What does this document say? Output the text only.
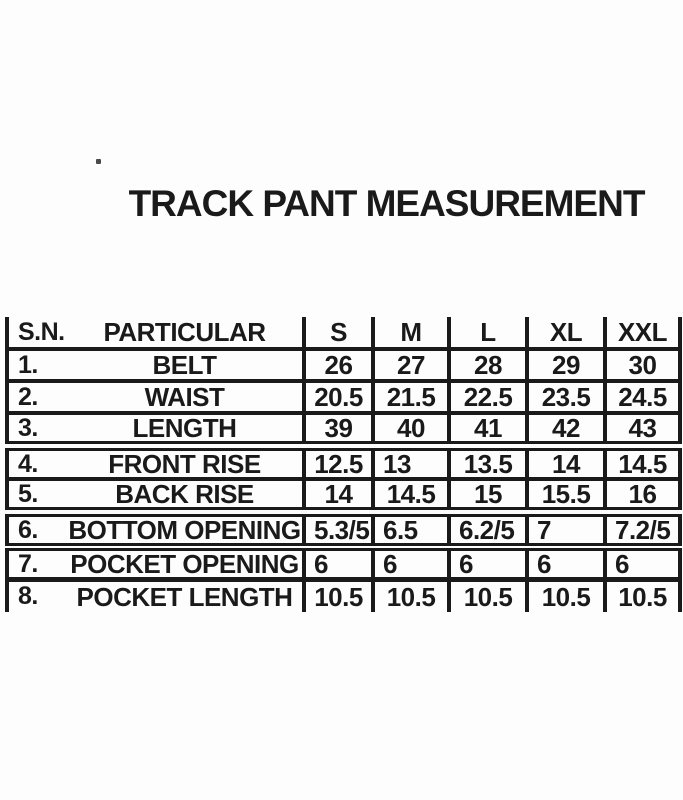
TRACK PANT MEASUREMENT
S.N.	PARTICULAR	S	M	L	XL	XXL
1.	BELT	26	27	28	29	30
2.	WAIST	20.5	21.5	22.5	23.5	24.5
3.	LENGTH	39	40	41	42	43
4.	FRONT RISE	12.5	13	13.5	14	14.5
5.	BACK RISE	14	14.5	15	15.5	16
6.	BOTTOM OPENING	5.3/5	6.5	6.2/5	7	7.2/5
7.	POCKET OPENING	6	6	6	6	6
8.	POCKET LENGTH	10.5	10.5	10.5	10.5	10.5
